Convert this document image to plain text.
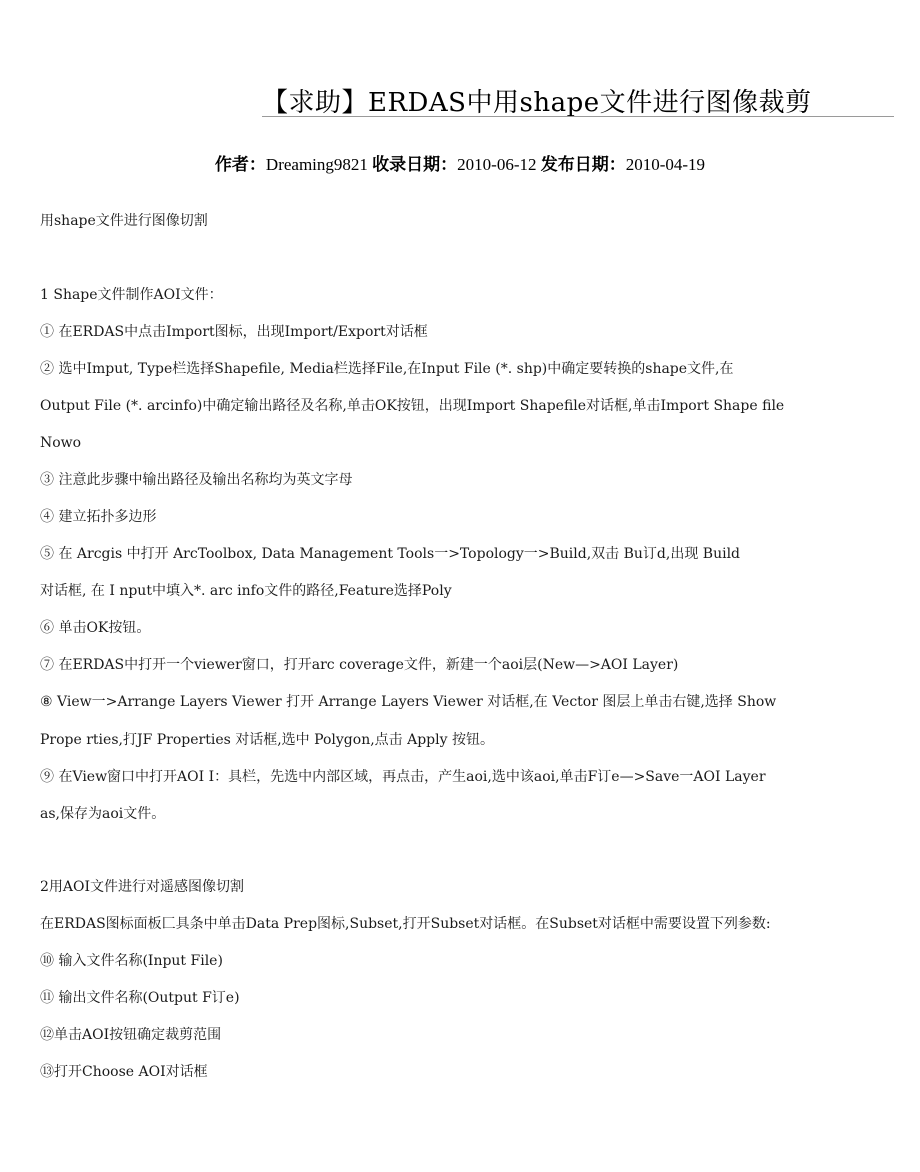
【求助】ERDAS中用shape文件进行图像裁剪
作者：Dreaming9821 收录日期：2010-06-12 发布日期：2010-04-19

用shape文件进行图像切割

1 Shape文件制作AOI文件：

① 在ERDAS中点击Import图标，出现Import/Export对话框

② 选中Imput, Type栏选择Shapefile, Media栏选择File,在Input File (*. shp)中确定要转换的shape文件,在

Output File (*. arcinfo)中确定输出路径及名称,单击OK按钮，出现Import Shapefile对话框,单击Import Shape file

Nowo

③ 注意此步骤中输出路径及输出名称均为英文字母

④ 建立拓扑多边形

⑤ 在 Arcgis 中打开 ArcToolbox, Data Management Tools一>Topology一>Build,双击 Bu订d,出现 Build

对话框, 在 I nput中填入*. arc info文件的路径,Feature选择Poly

⑥ 单击OK按钮。

⑦ 在ERDAS中打开一个viewer窗口，打开arc coverage文件，新建一个aoi层(New—>AOI Layer)

⑧ View一>Arrange Layers Viewer 打开 Arrange Layers Viewer 对话框,在 Vector 图层上单击右键,选择 Show

Prope rties,打JF Properties 对话框,选中 Polygon,点击 Apply 按钮。

⑨ 在View窗口中打开AOI I：具栏，先选中内部区域，再点击，产生aoi,选中该aoi,单击F订e—>Save一AOI Layer

as,保存为aoi文件。

2用AOI文件进行对遥感图像切割

在ERDAS图标面板匚具条中单击Data Prep图标,Subset,打开Subset对话框。在Subset对话框中需要设置下列参数:

⑩ 输入文件名称(Input File)

⑪ 输出文件名称(Output F订e)

⑫单击AOI按钮确定裁剪范围

⑬打开Choose AOI对话框
